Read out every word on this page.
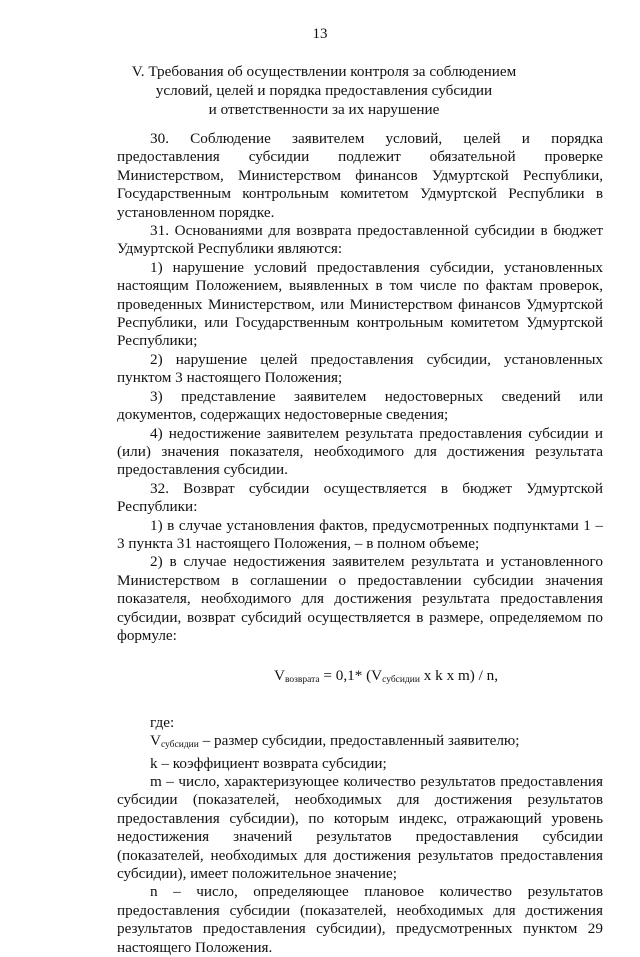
13
V. Требования об осуществлении контроля за соблюдением
условий, целей и порядка предоставления субсидии
и ответственности за их нарушение

30. Соблюдение заявителем условий, целей и порядка предоставления субсидии подлежит обязательной проверке Министерством, Министерством финансов Удмуртской Республики, Государственным контрольным комитетом Удмуртской Республики в установленном порядке.

31. Основаниями для возврата предоставленной субсидии в бюджет Удмуртской Республики являются:

1) нарушение условий предоставления субсидии, установленных настоящим Положением, выявленных в том числе по фактам проверок, проведенных Министерством, или Министерством финансов Удмуртской Республики, или Государственным контрольным комитетом Удмуртской Республики;

2) нарушение целей предоставления субсидии, установленных пунктом 3 настоящего Положения;

3) представление заявителем недостоверных сведений или документов, содержащих недостоверные сведения;

4) недостижение заявителем результата предоставления субсидии и (или) значения показателя, необходимого для достижения результата предоставления субсидии.

32. Возврат субсидии осуществляется в бюджет Удмуртской Республики:

1) в случае установления фактов, предусмотренных подпунктами 1 – 3 пункта 31 настоящего Положения, – в полном объеме;

2) в случае недостижения заявителем результата и установленного Министерством в соглашении о предоставлении субсидии значения показателя, необходимого для достижения результата предоставления субсидии, возврат субсидий осуществляется в размере, определяемом по формуле:

$V_{возврата} = 0,1*$ ($V_{субсидии}$ x k x m) / n,

где:

$V_{субсидии}$ – размер субсидии, предоставленный заявителю;

k – коэффициент возврата субсидии;

m – число, характеризующее количество результатов предоставления субсидии (показателей, необходимых для достижения результатов предоставления субсидии), по которым индекс, отражающий уровень недостижения значений результатов предоставления субсидии (показателей, необходимых для достижения результатов предоставления субсидии), имеет положительное значение;

n – число, определяющее плановое количество результатов предоставления субсидии (показателей, необходимых для достижения результатов предоставления субсидии), предусмотренных пунктом 29 настоящего Положения.
